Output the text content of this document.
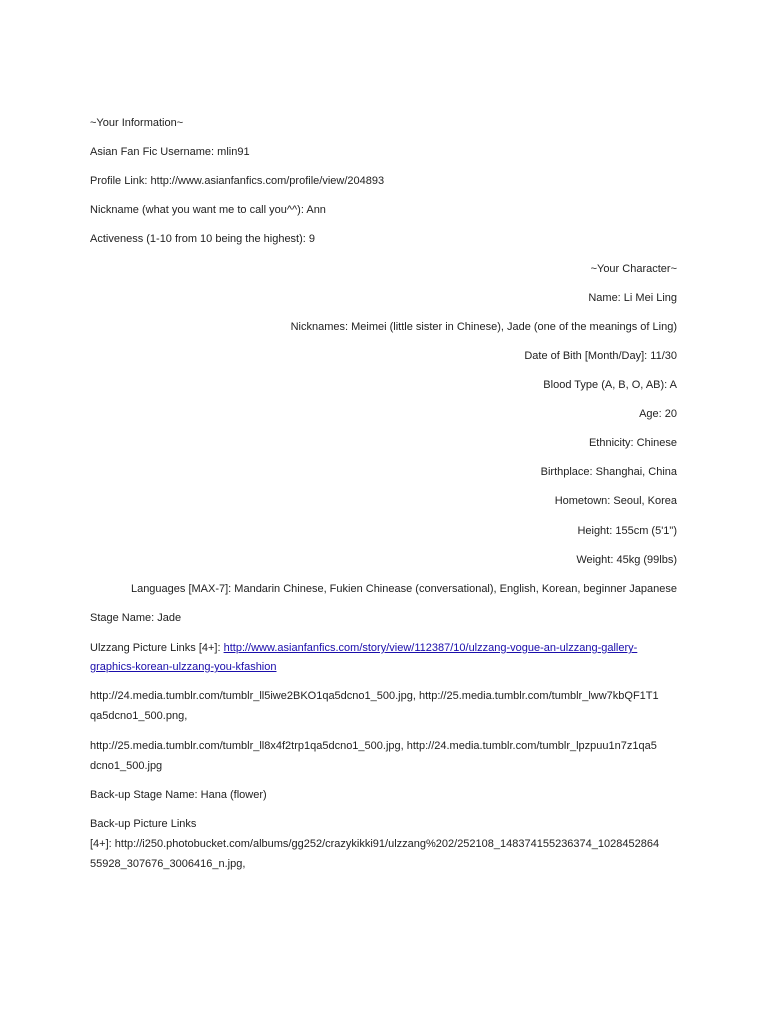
~Your Information~
Asian Fan Fic Username: mlin91
Profile Link: http://www.asianfanfics.com/profile/view/204893
Nickname (what you want me to call you^^): Ann
Activeness (1-10 from 10 being the highest): 9
~Your Character~
Name: Li Mei Ling
Nicknames: Meimei (little sister in Chinese), Jade (one of the meanings of Ling)
Date of Bith [Month/Day]: 11/30
Blood Type (A, B, O, AB): A
Age: 20
Ethnicity: Chinese
Birthplace: Shanghai, China
Hometown: Seoul, Korea
Height: 155cm (5'1")
Weight: 45kg (99lbs)
Languages [MAX-7]: Mandarin Chinese, Fukien Chinease (conversational), English, Korean, beginner Japanese
Stage Name: Jade
Ulzzang Picture Links [4+]: http://www.asianfanfics.com/story/view/112387/10/ulzzang-vogue-an-ulzzang-gallery-
graphics-korean-ulzzang-you-kfashion
http://24.media.tumblr.com/tumblr_ll5iwe2BKO1qa5dcno1_500.jpg, http://25.media.tumblr.com/tumblr_lww7kbQF1T1
qa5dcno1_500.png,
http://25.media.tumblr.com/tumblr_ll8x4f2trp1qa5dcno1_500.jpg, http://24.media.tumblr.com/tumblr_lpzpuu1n7z1qa5
dcno1_500.jpg
Back-up Stage Name: Hana (flower)
Back-up Picture Links
[4+]: http://i250.photobucket.com/albums/gg252/crazykikki91/ulzzang%202/252108_148374155236374_1028452864
55928_307676_3006416_n.jpg,
